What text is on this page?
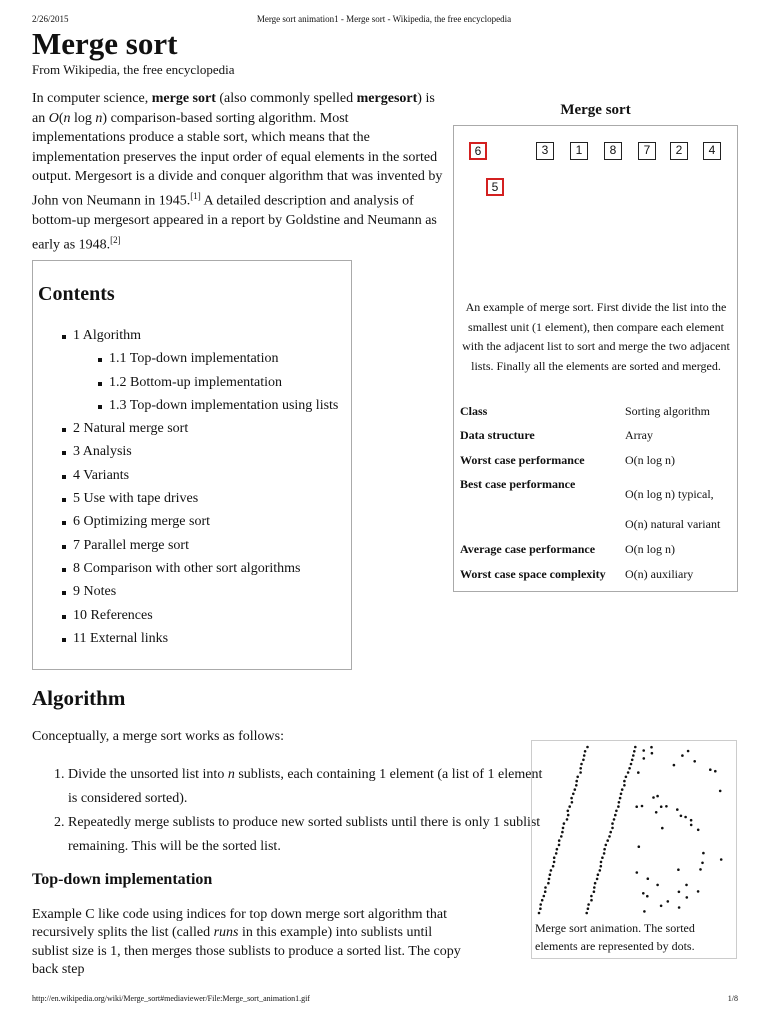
2/26/2015	Merge sort animation1 - Merge sort - Wikipedia, the free encyclopedia
Merge sort
From Wikipedia, the free encyclopedia
In computer science, merge sort (also commonly spelled mergesort) is an O(n log n) comparison-based sorting algorithm. Most implementations produce a stable sort, which means that the implementation preserves the input order of equal elements in the sorted output. Mergesort is a divide and conquer algorithm that was invented by John von Neumann in 1945.[1] A detailed description and analysis of bottom-up mergesort appeared in a report by Goldstine and Neumann as early as 1948.[2]
Contents
1 Algorithm
1.1 Top-down implementation
1.2 Bottom-up implementation
1.3 Top-down implementation using lists
2 Natural merge sort
3 Analysis
4 Variants
5 Use with tape drives
6 Optimizing merge sort
7 Parallel merge sort
8 Comparison with other sort algorithms
9 Notes
10 References
11 External links
Merge sort
6	3	1	8	7	2	4
5
An example of merge sort. First divide the list into the smallest unit (1 element), then compare each element with the adjacent list to sort and merge the two adjacent lists. Finally all the elements are sorted and merged.
Class	Sorting algorithm
Data structure	Array
Worst case performance	O(n log n)
Best case performance
O(n log n) typical,
O(n) natural variant
Average case performance O(n log n)
Worst case space complexity O(n) auxiliary
Algorithm
Conceptually, a merge sort works as follows:
1. Divide the unsorted list into n sublists, each containing 1 element (a list of 1 element is considered sorted).
2. Repeatedly merge sublists to produce new sorted sublists until there is only 1 sublist remaining. This will be the sorted list.
Top-down implementation
Example C like code using indices for top down merge sort algorithm that recursively splits the list (called runs in this example) into sublists until sublist size is 1, then merges those sublists to produce a sorted list. The copy back step
Merge sort animation. The sorted elements are represented by dots.
http://en.wikipedia.org/wiki/Merge_sort#mediaviewer/File:Merge_sort_animation1.gif	1/8
